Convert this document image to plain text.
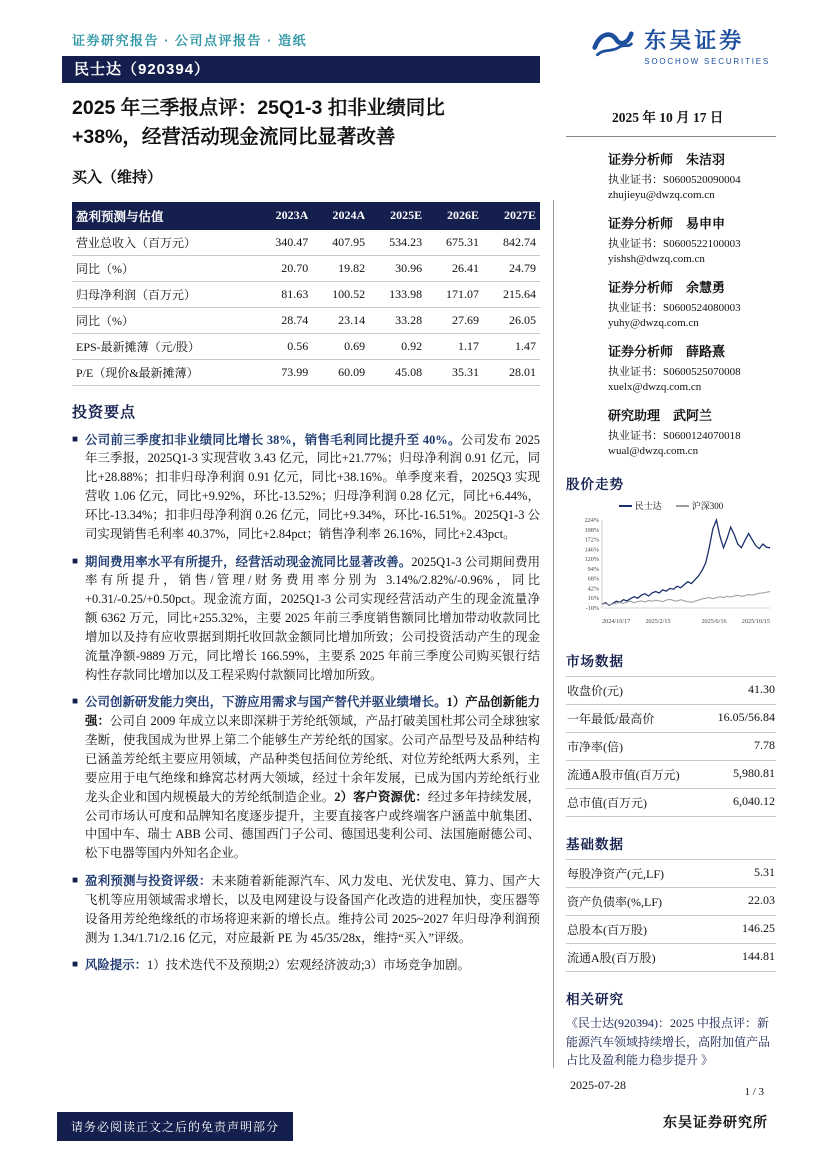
证券研究报告 · 公司点评报告 · 造纸	东吴证券
SOOCHOW SECURITIES
民士达（920394）
2025 年三季报点评：25Q1-3 扣非业绩同比
+38%，经营活动现金流同比显著改善
买入（维持）
盈利预测与估值	2023A	2024A	2025E	2026E	2027E
营业总收入（百万元）	340.47	407.95	534.23	675.31	842.74
同比（%）	20.70	19.82	30.96	26.41	24.79
归母净利润（百万元）	81.63	100.52	133.98	171.07	215.64
同比（%）	28.74	23.14	33.28	27.69	26.05
EPS-最新摊薄（元/股）	0.56	0.69	0.92	1.17	1.47
P/E（现价&最新摊薄）	73.99	60.09	45.08	35.31	28.01
投资要点
■ 公司前三季度扣非业绩同比增长 38%，销售毛利同比提升至 40%。公司发布 2025 年三季报，2025Q1-3 实现营收 3.43 亿元，同比+21.77%；归母净利润 0.91 亿元，同比+28.88%；扣非归母净利润 0.91 亿元，同比+38.16%。单季度来看，2025Q3 实现营收 1.06 亿元，同比+9.92%，环比-13.52%；归母净利润 0.28 亿元，同比+6.44%，环比-13.34%；扣非归母净利润 0.26 亿元，同比+9.34%，环比-16.51%。2025Q1-3 公司实现销售毛利率 40.37%，同比+2.84pct；销售净利率 26.16%，同比+2.43pct。
■ 期间费用率水平有所提升，经营活动现金流同比显著改善。2025Q1-3 公司期间费用率有所提升，销售/管理/财务费用率分别为 3.14%/2.82%/-0.96%，同比+0.31/-0.25/+0.50pct。现金流方面，2025Q1-3 公司实现经营活动产生的现金流量净额 6362 万元，同比+255.32%，主要 2025 年前三季度销售额同比增加带动收款同比增加以及持有应收票据到期托收回款金额同比增加所致；公司投资活动产生的现金流量净额-9889 万元，同比增长 166.59%，主要系 2025 年前三季度公司购买银行结构性存款同比增加以及工程采购付款额同比增加所致。
■ 公司创新研发能力突出，下游应用需求与国产替代并驱业绩增长。1）产品创新能力强：公司自 2009 年成立以来即深耕于芳纶纸领域，产品打破美国杜邦公司全球独家垄断，使我国成为世界上第二个能够生产芳纶纸的国家。公司产品型号及品种结构已涵盖芳纶纸主要应用领域，产品种类包括间位芳纶纸、对位芳纶纸两大系列，主要应用于电气绝缘和蜂窝芯材两大领域，经过十余年发展，已成为国内芳纶纸行业龙头企业和国内规模最大的芳纶纸制造企业。2）客户资源优：经过多年持续发展，公司市场认可度和品牌知名度逐步提升，主要直接客户或终端客户涵盖中航集团、中国中车、瑞士 ABB 公司、德国西门子公司、德国迅斐利公司、法国施耐德公司、松下电器等国内外知名企业。
■ 盈利预测与投资评级：未来随着新能源汽车、风力发电、光伏发电、算力、国产大飞机等应用领域需求增长，以及电网建设与设备国产化改造的进程加快，变压器等设备用芳纶绝缘纸的市场将迎来新的增长点。维持公司 2025~2027 年归母净利润预测为 1.34/1.71/2.16 亿元，对应最新 PE 为 45/35/28x，维持“买入”评级。
■ 风险提示：1）技术迭代不及预期;2）宏观经济波动;3）市场竞争加剧。
2025 年 10 月 17 日
证券分析师　朱洁羽
执业证书：S0600520090004
zhujieyu@dwzq.com.cn
证券分析师　易申申
执业证书：S0600522100003
yishsh@dwzq.com.cn
证券分析师　余慧勇
执业证书：S0600524080003
yuhy@dwzq.com.cn
证券分析师　薛路熹
执业证书：S0600525070008
xuelx@dwzq.com.cn
研究助理　武阿兰
执业证书：S0600124070018
wual@dwzq.com.cn
股价走势
民士达	沪深300
224%
198%
172%
146%
120%
94%
68%
42%
16%
-10%
2024/10/17 2025/2/15	2025/6/16 2025/10/15
市场数据
收盘价(元)	41.30
一年最低/最高价	16.05/56.84
市净率(倍)	7.78
流通A股市值(百万元)	5,980.81
总市值(百万元)	6,040.12
基础数据
每股净资产(元,LF)	5.31
资产负债率(%,LF)	22.03
总股本(百万股)	146.25
流通A股(百万股)	144.81
相关研究
《民士达(920394)：2025 中报点评：新能源汽车领域持续增长，高附加值产品占比及盈利能力稳步提升 》
2025-07-28
1 / 3
请务必阅读正文之后的免责声明部分	东吴证券研究所
